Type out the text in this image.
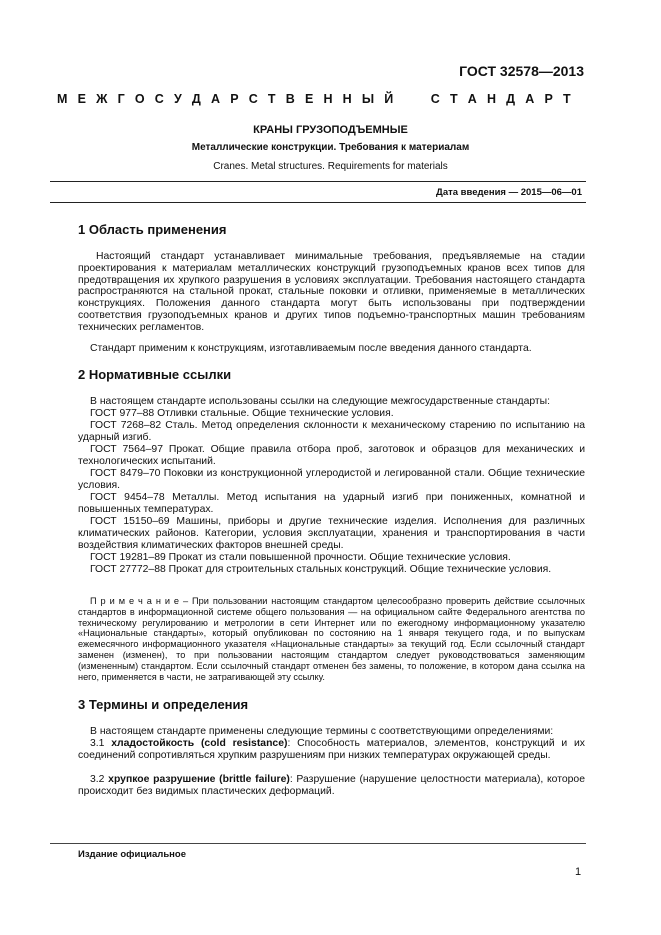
ГОСТ 32578—2013
М Е Ж Г О С У Д А Р С Т В Е Н Н Ы Й

	С Т А Н Д А Р Т
КРАНЫ ГРУЗОПОДЪЕМНЫЕ
Металлические конструкции. Требования к материалам
Cranes. Metal structures. Requirements for materials
Дата введения — 2015—06—01
1 Область применения
Настоящий стандарт устанавливает минимальные требования, предъявляемые на стадии проектирования к материалам металлических конструкций грузоподъемных кранов всех типов для предотвращения их хрупкого разрушения в условиях эксплуатации. Требования настоящего стандарта распространяются на стальной прокат, стальные поковки и отливки, применяемые в металлических конструкциях. Положения данного стандарта могут быть использованы при подтверждении соответствия грузоподъемных кранов и других типов подъемно-транспортных машин требованиям технических регламентов.
Стандарт применим к конструкциям, изготавливаемым после введения данного стандарта.
2 Нормативные ссылки
В настоящем стандарте использованы ссылки на следующие межгосударственные стандарты:
ГОСТ 977–88 Отливки стальные. Общие технические условия.
ГОСТ 7268–82 Сталь. Метод определения склонности к механическому старению по испытанию на ударный изгиб.
ГОСТ 7564–97 Прокат. Общие правила отбора проб, заготовок и образцов для механических и технологических испытаний.
ГОСТ 8479–70 Поковки из конструкционной углеродистой и легированной стали. Общие технические условия.
ГОСТ 9454–78 Металлы. Метод испытания на ударный изгиб при пониженных, комнатной и повышенных температурах.
ГОСТ 15150–69 Машины, приборы и другие технические изделия. Исполнения для различных климатических районов. Категории, условия эксплуатации, хранения и транспортирования в части воздействия климатических факторов внешней среды.
ГОСТ 19281–89 Прокат из стали повышенной прочности. Общие технические условия.
ГОСТ 27772–88 Прокат для строительных стальных конструкций. Общие технические условия.
П р и м е ч а н и е – При пользовании настоящим стандартом целесообразно проверить действие ссылочных стандартов в информационной системе общего пользования — на официальном сайте Федерального агентства по техническому регулированию и метрологии в сети Интернет или по ежегодному информационному указателю «Национальные стандарты», который опубликован по состоянию на 1 января текущего года, и по выпускам ежемесячного информационного указателя «Национальные стандарты» за текущий год. Если ссылочный стандарт заменен (изменен), то при пользовании настоящим стандартом следует руководствоваться заменяющим (измененным) стандартом. Если ссылочный стандарт отменен без замены, то положение, в котором дана ссылка на него, применяется в части, не затрагивающей эту ссылку.
3 Термины и определения
В настоящем стандарте применены следующие термины с соответствующими определениями:
3.1 хладостойкость (cold resistance): Способность материалов, элементов, конструкций и их соединений сопротивляться хрупким разрушениям при низких температурах окружающей среды.
3.2 хрупкое разрушение (brittle failure): Разрушение (нарушение целостности материала), которое происходит без видимых пластических деформаций.
Издание официальное
1
